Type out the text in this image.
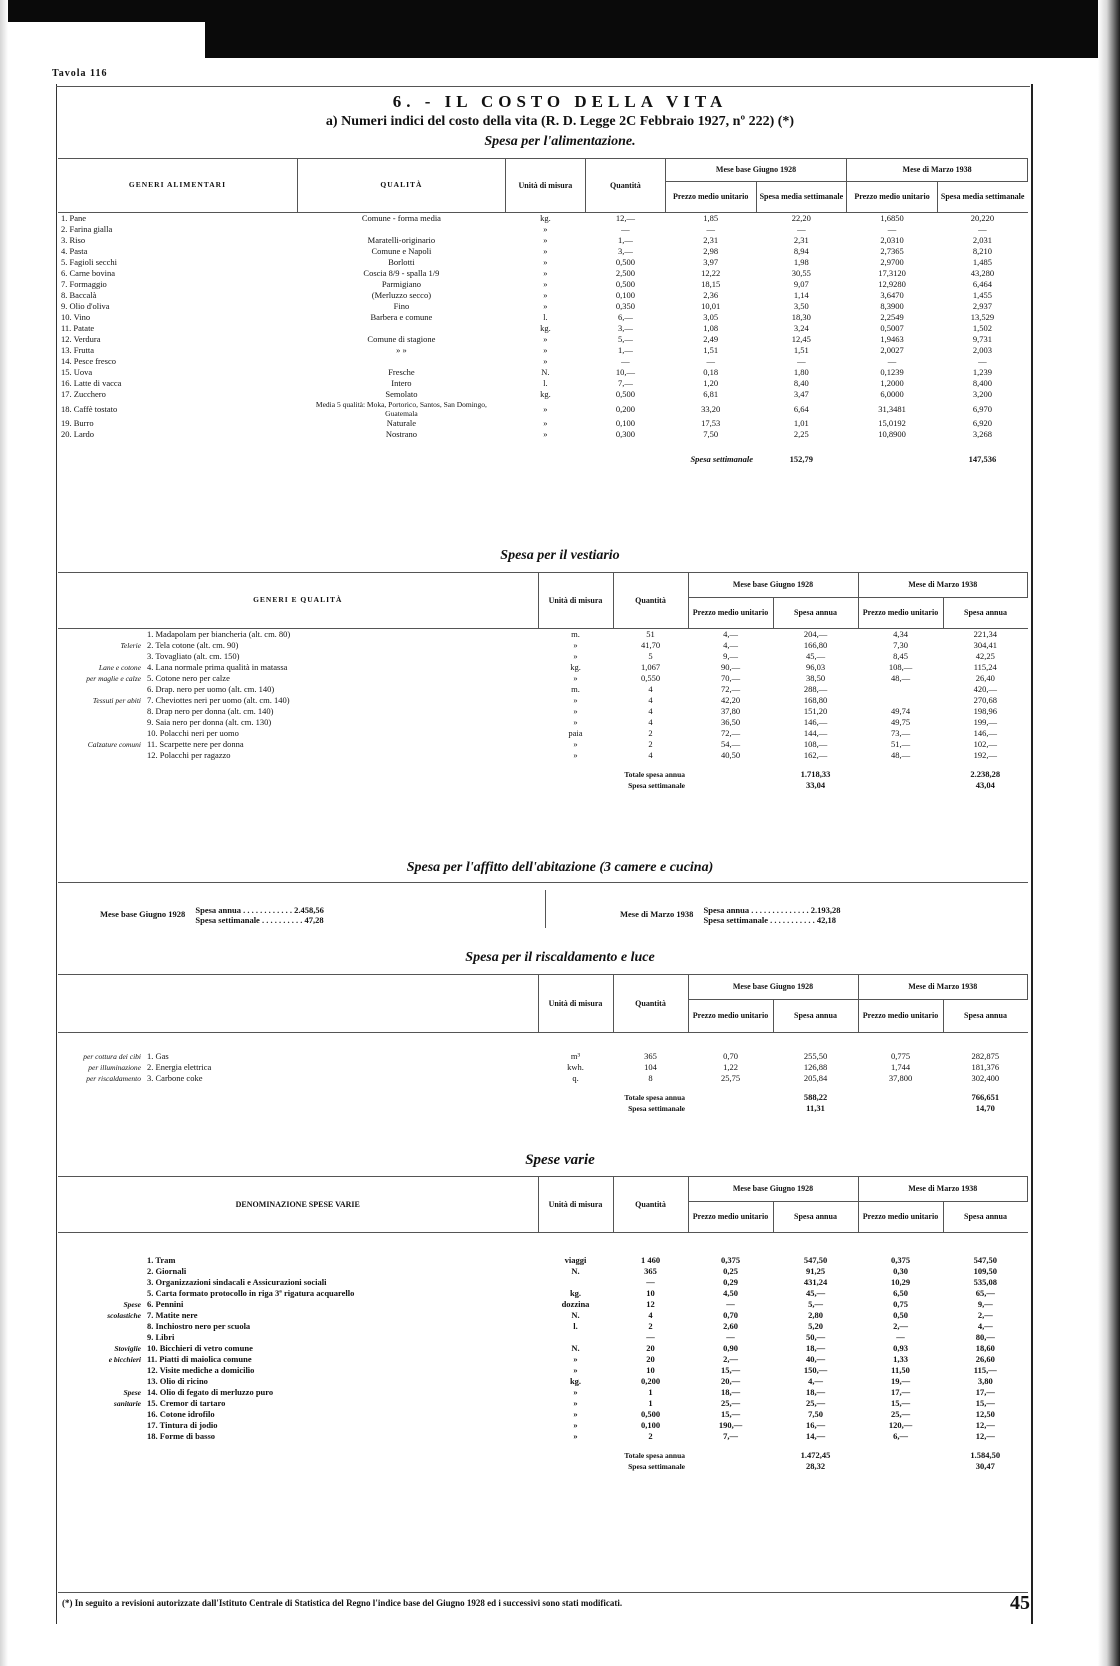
Tavola 116
6. - IL COSTO DELLA VITA
a) Numeri indici del costo della vita (R. D. Legge 2C Febbraio 1927, nº 222) (*)
Spesa per l'alimentazione.
GENERI ALIMENTARI	QUALITÀ	Unità di misura	Quantità	Mese base Giugno 1928		Mese di Marzo 1938	
				Prezzo medio unitario	Spesa media settimanale	Prezzo medio unitario	Spesa media settimanale
1. Pane	Comune - forma media	kg.	12,—	1,85	22,20	1,6850	20,220
2. Farina gialla		»	—	—	—	—	—
3. Riso	Maratelli-originario	»	1,—	2,31	2,31	2,0310	2,031
4. Pasta	Comune e Napoli	»	3,—	2,98	8,94	2,7365	8,210
5. Fagioli secchi	Borlotti	»	0,500	3,97	1,98	2,9700	1,485
6. Carne bovina	Coscia 8/9 - spalla 1/9	»	2,500	12,22	30,55	17,3120	43,280
7. Formaggio	Parmigiano	»	0,500	18,15	9,07	12,9280	6,464
8. Baccalà	(Merluzzo secco)	»	0,100	2,36	1,14	3,6470	1,455
9. Olio d'oliva	Fino	»	0,350	10,01	3,50	8,3900	2,937
10. Vino	Barbera e comune	l.	6,—	3,05	18,30	2,2549	13,529
11. Patate		kg.	3,—	1,08	3,24	0,5007	1,502
12. Verdura	Comune di stagione	»	5,—	2,49	12,45	1,9463	9,731
13. Frutta	» »	»	1,—	1,51	1,51	2,0027	2,003
14. Pesce fresco		»	—	—	—	—	—
15. Uova	Fresche	N.	10,—	0,18	1,80	0,1239	1,239
16. Latte di vacca	Intero	l.	7,—	1,20	8,40	1,2000	8,400
17. Zucchero	Semolato	kg.	0,500	6,81	3,47	6,0000	3,200
18. Caffè tostato	Media 5 qualità: Moka, Portorico, Santos, San Domingo, Guatemala	»	0,200	33,20	6,64	31,3481	6,970
19. Burro	Naturale	»	0,100	17,53	1,01	15,0192	6,920
20. Lardo	Nostrano	»	0,300	7,50	2,25	10,8900	3,268

Spesa settimanale					152,79		147,536
Spesa per il vestiario
GENERI E QUALITÀ		Unità di misura	Quantità	Mese base Giugno 1928		Mese di Marzo 1938	
				Prezzo medio unitario	Spesa annua	Prezzo medio unitario	Spesa annua
	1. Madapolam per biancheria (alt. cm. 80)	m.	51	4,—	204,—	4,34	221,34
Telerie	2. Tela cotone (alt. cm. 90)	»	41,70	4,—	166,80	7,30	304,41
	3. Tovagliato (alt. cm. 150)	»	5	9,—	45,—	8,45	42,25
Lane e cotone	4. Lana normale prima qualità in matassa	kg.	1,067	90,—	96,03	108,—	115,24
per maglie e calze	5. Cotone nero per calze	»	0,550	70,—	38,50	48,—	26,40
	6. Drap. nero per uomo (alt. cm. 140)	m.	4	72,—	288,—		420,—
Tessuti per abiti	7. Cheviottes neri per uomo (alt. cm. 140)	»	4	42,20	168,80		270,68
	8. Drap nero per donna (alt. cm. 140)	»	4	37,80	151,20	49,74	198,96
	9. Saia nero per donna (alt. cm. 130)	»	4	36,50	146,—	49,75	199,—
	10. Polacchi neri per uomo	paia	2	72,—	144,—	73,—	146,—
Calzature comuni	11. Scarpette nere per donna	»	2	54,—	108,—	51,—	102,—
	12. Polacchi per ragazzo	»	4	40,50	162,—	48,—	192,—

Totale spesa annua					1.718,33		2.238,28
Spesa settimanale					33,04		43,04
Spesa per l'affitto dell'abitazione (3 camere e cucina)
Mese base Giugno 1928 Spesa annua . . . . . . . . . . . . 2.458,56
Spesa settimanale . . . . . . . . . . 47,28
Mese di Marzo 1938 Spesa annua . . . . . . . . . . . . . . 2.193,28
Spesa settimanale . . . . . . . . . . . 42,18
Spesa per il riscaldamento e luce
		Unità di misura	Quantità	Mese base Giugno 1928		Mese di Marzo 1938	
				Prezzo medio unitario	Spesa annua	Prezzo medio unitario	Spesa annua

per cottura dei cibi	1. Gas	m³	365	0,70	255,50	0,775	282,875
per illuminazione	2. Energia elettrica	kwh.	104	1,22	126,88	1,744	181,376
per riscaldamento	3. Carbone coke	q.	8	25,75	205,84	37,800	302,400

Totale spesa annua					588,22		766,651
Spesa settimanale					11,31		14,70
Spese varie
DENOMINAZIONE SPESE VARIE		Unità di misura	Quantità	Mese base Giugno 1928		Mese di Marzo 1938	
				Prezzo medio unitario	Spesa annua	Prezzo medio unitario	Spesa annua

	1. Tram	viaggi	1 460	0,375	547,50	0,375	547,50
	2. Giornali	N.	365	0,25	91,25	0,30	109,50
	3. Organizzazioni sindacali e Assicurazioni sociali		—	0,29	431,24	10,29	535,08
	5. Carta formato protocollo in riga 3ª rigatura acquarello	kg.	10	4,50	45,—	6,50	65,—
Spese	6. Pennini	dozzina	12	—	5,—	0,75	9,—
scolastiche	7. Matite nere	N.	4	0,70	2,80	0,50	2,—
	8. Inchiostro nero per scuola	l.	2	2,60	5,20	2,—	4,—
	9. Libri		—	—	50,—	—	80,—
Stoviglie	10. Bicchieri di vetro comune	N.	20	0,90	18,—	0,93	18,60
e bicchieri	11. Piatti di maiolica comune	»	20	2,—	40,—	1,33	26,60
	12. Visite mediche a domicilio	»	10	15,—	150,—	11,50	115,—
	13. Olio di ricino	kg.	0,200	20,—	4,—	19,—	3,80
Spese	14. Olio di fegato di merluzzo puro	»	1	18,—	18,—	17,—	17,—
sanitarie	15. Cremor di tartaro	»	1	25,—	25,—	15,—	15,—
	16. Cotone idrofilo	»	0,500	15,—	7,50	25,—	12,50
	17. Tintura di jodio	»	0,100	190,—	16,—	120,—	12,—
	18. Forme di basso	»	2	7,—	14,—	6,—	12,—

Totale spesa annua					1.472,45		1.584,50
Spesa settimanale					28,32		30,47
(*) In seguito a revisioni autorizzate dall'Istituto Centrale di Statistica del Regno l'indice base del Giugno 1928 ed i successivi sono stati modificati.	45
